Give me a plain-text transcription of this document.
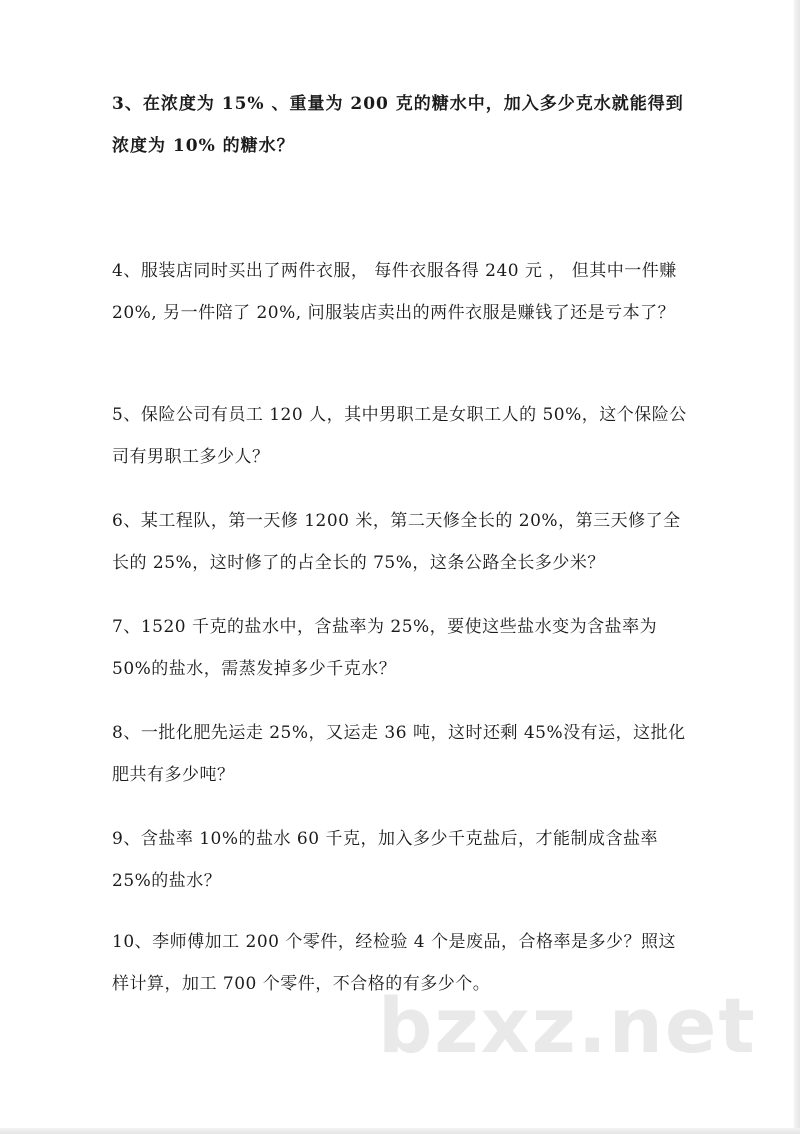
3、在浓度为 15% 、重量为 200 克的糖水中，加入多少克水就能得到浓度为 10% 的糖水？

4、服装店同时买出了两件衣服， 每件衣服各得 240 元 ， 但其中一件赚 20%, 另一件陪了 20%, 问服装店卖出的两件衣服是赚钱了还是亏本了？

5、保险公司有员工 120 人，其中男职工是女职工人的 50%，这个保险公司有男职工多少人？

6、某工程队，第一天修 1200 米，第二天修全长的 20%，第三天修了全长的 25%，这时修了的占全长的 75%，这条公路全长多少米？

7、1520 千克的盐水中，含盐率为 25%，要使这些盐水变为含盐率为 50%的盐水，需蒸发掉多少千克水？

8、一批化肥先运走 25%，又运走 36 吨，这时还剩 45%没有运，这批化肥共有多少吨？

9、含盐率 10%的盐水 60 千克，加入多少千克盐后，才能制成含盐率 25%的盐水？

10、李师傅加工 200 个零件，经检验 4 个是废品，合格率是多少？照这样计算，加工 700 个零件，不合格的有多少个。

bzxz.net
